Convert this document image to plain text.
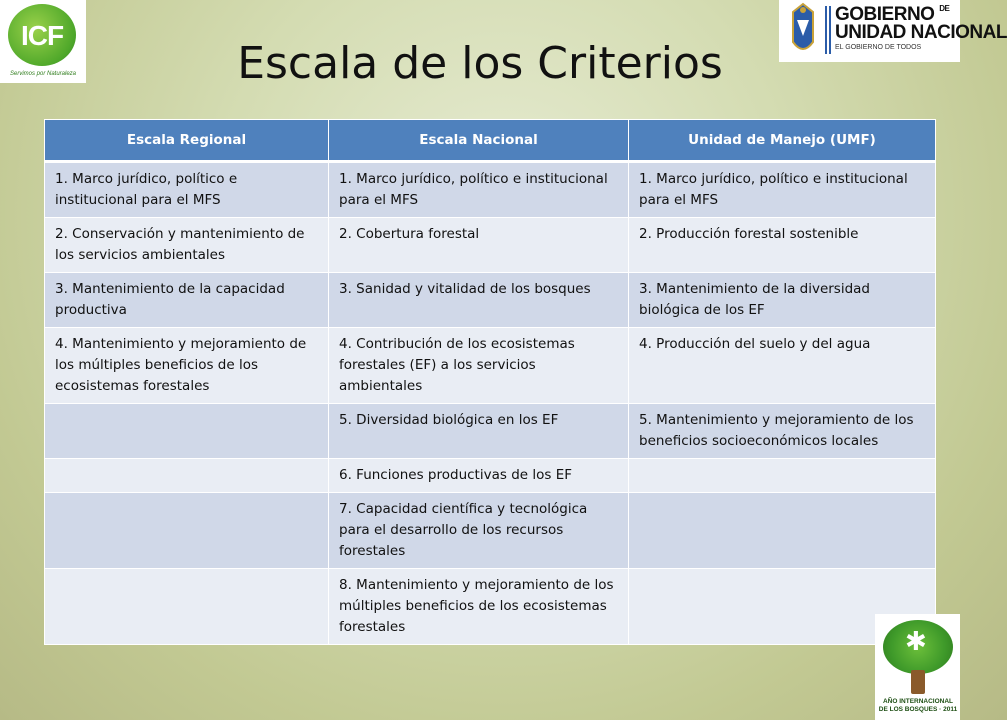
ICF
Servimos por Naturaleza
GOBIERNO $^{DE}$
UNIDAD NACIONAL
EL GOBIERNO DE TODOS
Escala de los Criterios
Escala Regional	Escala Nacional	Unidad de Manejo (UMF)
1. Marco jurídico, político e institucional para el MFS	1. Marco jurídico, político e institucional para el MFS	1. Marco jurídico, político e institucional para el MFS
2. Conservación y mantenimiento de los servicios ambientales	2. Cobertura forestal	2. Producción forestal sostenible
3. Mantenimiento de la capacidad productiva	3. Sanidad y vitalidad de los bosques	3. Mantenimiento de la diversidad biológica de los EF
4. Mantenimiento y mejoramiento de los múltiples beneficios de los ecosistemas forestales	4. Contribución de los ecosistemas forestales (EF) a los servicios ambientales	4. Producción del suelo y del agua
	5. Diversidad biológica en los EF	5. Mantenimiento y mejoramiento de los beneficios socioeconómicos locales
	6. Funciones productivas de los EF	
	7. Capacidad científica y tecnológica para el desarrollo de los recursos forestales	
	8. Mantenimiento y mejoramiento de los múltiples beneficios de los ecosistemas forestales		✱
AÑO INTERNACIONAL
DE LOS BOSQUES · 2011
